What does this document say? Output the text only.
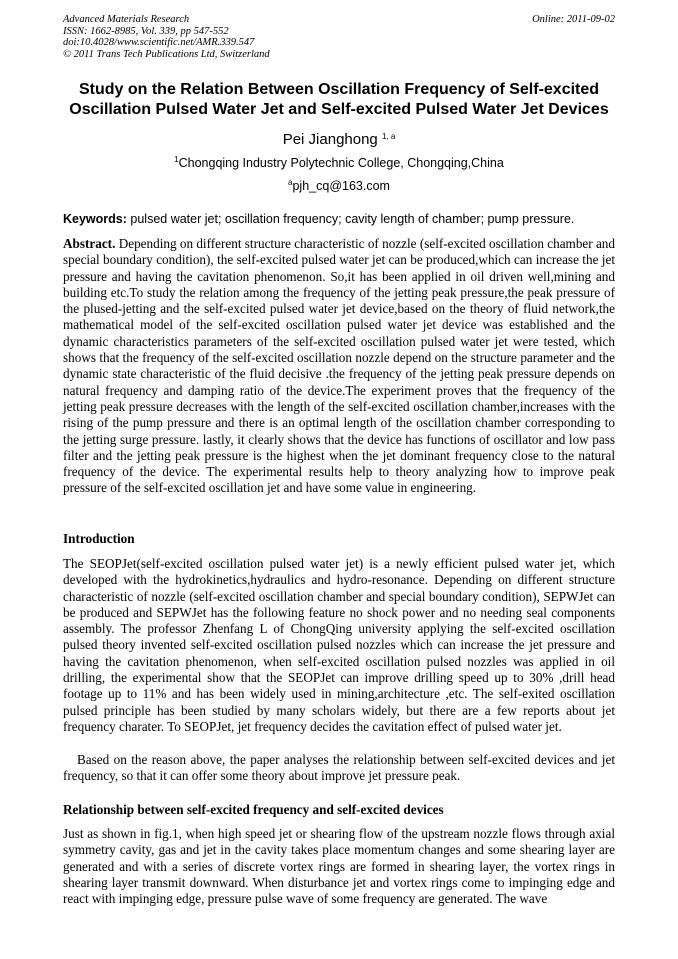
Advanced Materials Research
ISSN: 1662-8985, Vol. 339, pp 547-552
doi:10.4028/www.scientific.net/AMR.339.547
© 2011 Trans Tech Publications Ltd, Switzerland
Online: 2011-09-02
Study on the Relation Between Oscillation Frequency of Self-excited
Oscillation Pulsed Water Jet and Self-excited Pulsed Water Jet Devices
Pei Jianghong $^{1, a}$
$^1$Chongqing Industry Polytechnic College, Chongqing,China
$^a$pjh_cq@163.com
Keywords: pulsed water jet; oscillation frequency; cavity length of chamber; pump pressure.
Abstract. Depending on different structure characteristic of nozzle (self-excited oscillation chamber and special boundary condition), the self-excited pulsed water jet can be produced,which can increase the jet pressure and having the cavitation phenomenon. So,it has been applied in oil driven well,mining and building etc.To study the relation among the frequency of the jetting peak pressure,the peak pressure of the plused-jetting and the self-excited pulsed water jet device,based on the theory of fluid network,the mathematical model of the self-excited oscillation pulsed water jet device was established and the dynamic characteristics parameters of the self-excited oscillation pulsed water jet were tested, which shows that the frequency of the self-excited oscillation nozzle depend on the structure parameter and the dynamic state characteristic of the fluid decisive .the frequency of the jetting peak pressure depends on natural frequency and damping ratio of the device.The experiment proves that the frequency of the jetting peak pressure decreases with the length of the self-excited oscillation chamber,increases with the rising of the pump pressure and there is an optimal length of the oscillation chamber corresponding to the jetting surge pressure. lastly, it clearly shows that the device has functions of oscillator and low pass filter and the jetting peak pressure is the highest when the jet dominant frequency close to the natural frequency of the device. The experimental results help to theory analyzing how to improve peak pressure of the self-excited oscillation jet and have some value in engineering.
Introduction
The SEOPJet(self-excited oscillation pulsed water jet) is a newly efficient pulsed water jet, which developed with the hydrokinetics,hydraulics and hydro-resonance. Depending on different structure characteristic of nozzle (self-excited oscillation chamber and special boundary condition), SEPWJet can be produced and SEPWJet has the following feature no shock power and no needing seal components assembly. The professor Zhenfang L of ChongQing university applying the self-excited oscillation pulsed theory invented self-excited oscillation pulsed nozzles which can increase the jet pressure and having the cavitation phenomenon, when self-excited oscillation pulsed nozzles was applied in oil drilling, the experimental show that the SEOPJet can improve drilling speed up to 30% ,drill head footage up to 11% and has been widely used in mining,architecture ,etc. The self-exited oscillation pulsed principle has been studied by many scholars widely, but there are a few reports about jet frequency charater. To SEOPJet, jet frequency decides the cavitation effect of pulsed water jet.
Based on the reason above, the paper analyses the relationship between self-excited devices and jet frequency, so that it can offer some theory about improve jet pressure peak.
Relationship between self-excited frequency and self-excited devices
Just as shown in fig.1, when high speed jet or shearing flow of the upstream nozzle flows through axial symmetry cavity, gas and jet in the cavity takes place momentum changes and some shearing layer are generated and with a series of discrete vortex rings are formed in shearing layer, the vortex rings in shearing layer transmit downward. When disturbance jet and vortex rings come to impinging edge and react with impinging edge, pressure pulse wave of some frequency are generated. The wave
